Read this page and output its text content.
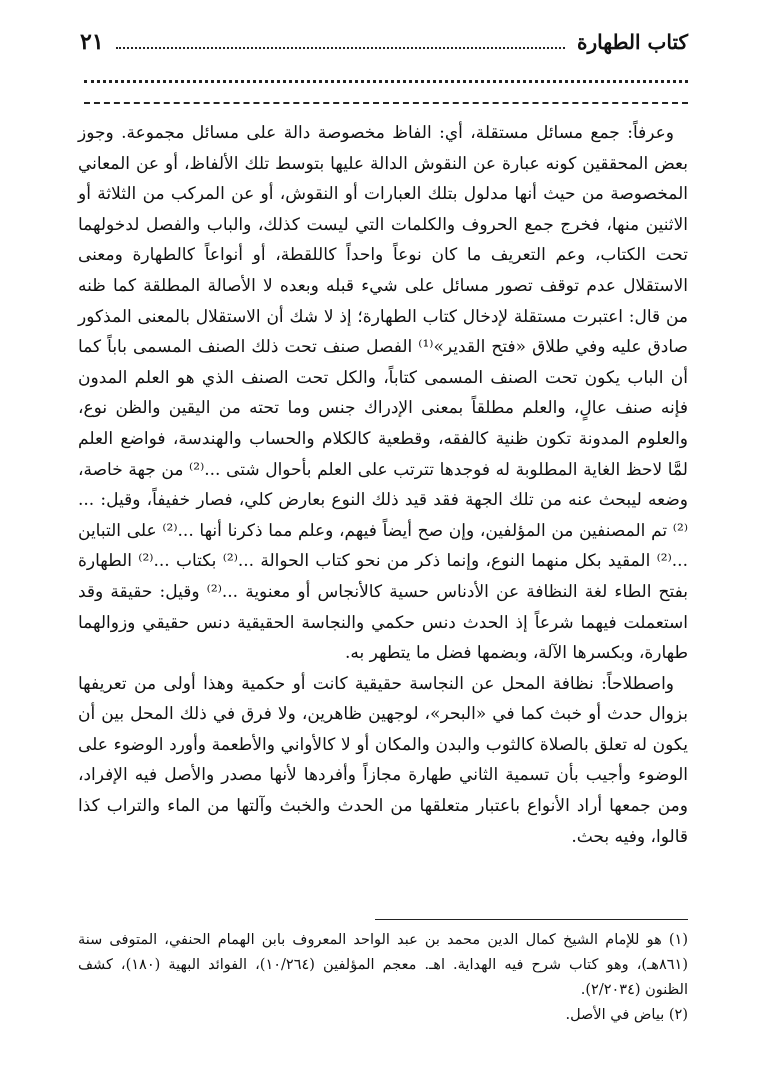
كتاب الطهارة
٢١

وعرفاً: جمع مسائل مستقلة، أي: الفاظ مخصوصة دالة على مسائل مجموعة. وجوز بعض المحققين كونه عبارة عن النقوش الدالة عليها بتوسط تلك الألفاظ، أو عن المعاني المخصوصة من حيث أنها مدلول بتلك العبارات أو النقوش، أو عن المركب من الثلاثة أو الاثنين منها، فخرج جمع الحروف والكلمات التي ليست كذلك، والباب والفصل لدخولهما تحت الكتاب، وعم التعريف ما كان نوعاً واحداً كاللقطة، أو أنواعاً كالطهارة ومعنى الاستقلال عدم توقف تصور مسائل على شيء قبله وبعده لا الأصالة المطلقة كما ظنه من قال: اعتبرت مستقلة لإدخال كتاب الطهارة؛ إذ لا شك أن الاستقلال بالمعنى المذكور صادق عليه وفي طلاق «فتح القدير»⁽¹⁾ الفصل صنف تحت ذلك الصنف المسمى باباً كما أن الباب يكون تحت الصنف المسمى كتاباً، والكل تحت الصنف الذي هو العلم المدون فإنه صنف عالٍ، والعلم مطلقاً بمعنى الإدراك جنس وما تحته من اليقين والظن نوع، والعلوم المدونة تكون ظنية كالفقه، وقطعية كالكلام والحساب والهندسة، فواضع العلم لمَّا لاحظ الغاية المطلوبة له فوجدها تترتب على العلم بأحوال شتى ...⁽²⁾ من جهة خاصة، وضعه ليبحث عنه من تلك الجهة فقد قيد ذلك النوع بعارض كلي، فصار خفيفاً، وقيل: ...⁽²⁾ تم المصنفين من المؤلفين، وإن صح أيضاً فيهم، وعلم مما ذكرنا أنها ...⁽²⁾ على التباين ...⁽²⁾ المقيد بكل منهما النوع، وإنما ذكر من نحو كتاب الحوالة ...⁽²⁾ بكتاب ...⁽²⁾ الطهارة بفتح الطاء لغة النظافة عن الأدناس حسية كالأنجاس أو معنوية ...⁽²⁾ وقيل: حقيقة وقد استعملت فيهما شرعاً إذ الحدث دنس حكمي والنجاسة الحقيقية دنس حقيقي وزوالهما طهارة، وبكسرها الآلة، وبضمها فضل ما يتطهر به.

واصطلاحاً: نظافة المحل عن النجاسة حقيقية كانت أو حكمية وهذا أولى من تعريفها بزوال حدث أو خبث كما في «البحر»، لوجهين ظاهرين، ولا فرق في ذلك المحل بين أن يكون له تعلق بالصلاة كالثوب والبدن والمكان أو لا كالأواني والأطعمة وأورد الوضوء على الوضوء وأجيب بأن تسمية الثاني طهارة مجازاً وأفردها لأنها مصدر والأصل فيه الإفراد، ومن جمعها أراد الأنواع باعتبار متعلقها من الحدث والخبث وآلتها من الماء والتراب كذا قالوا، وفيه بحث.

(١) هو للإمام الشيخ كمال الدين محمد بن عبد الواحد المعروف بابن الهمام الحنفي، المتوفى سنة (٨٦١هـ)، وهو كتاب شرح فيه الهداية. اهـ. معجم المؤلفين (١٠/٢٦٤)، الفوائد البهية (١٨٠)، كشف الظنون (٢/٢٠٣٤).

(٢) بياض في الأصل.
